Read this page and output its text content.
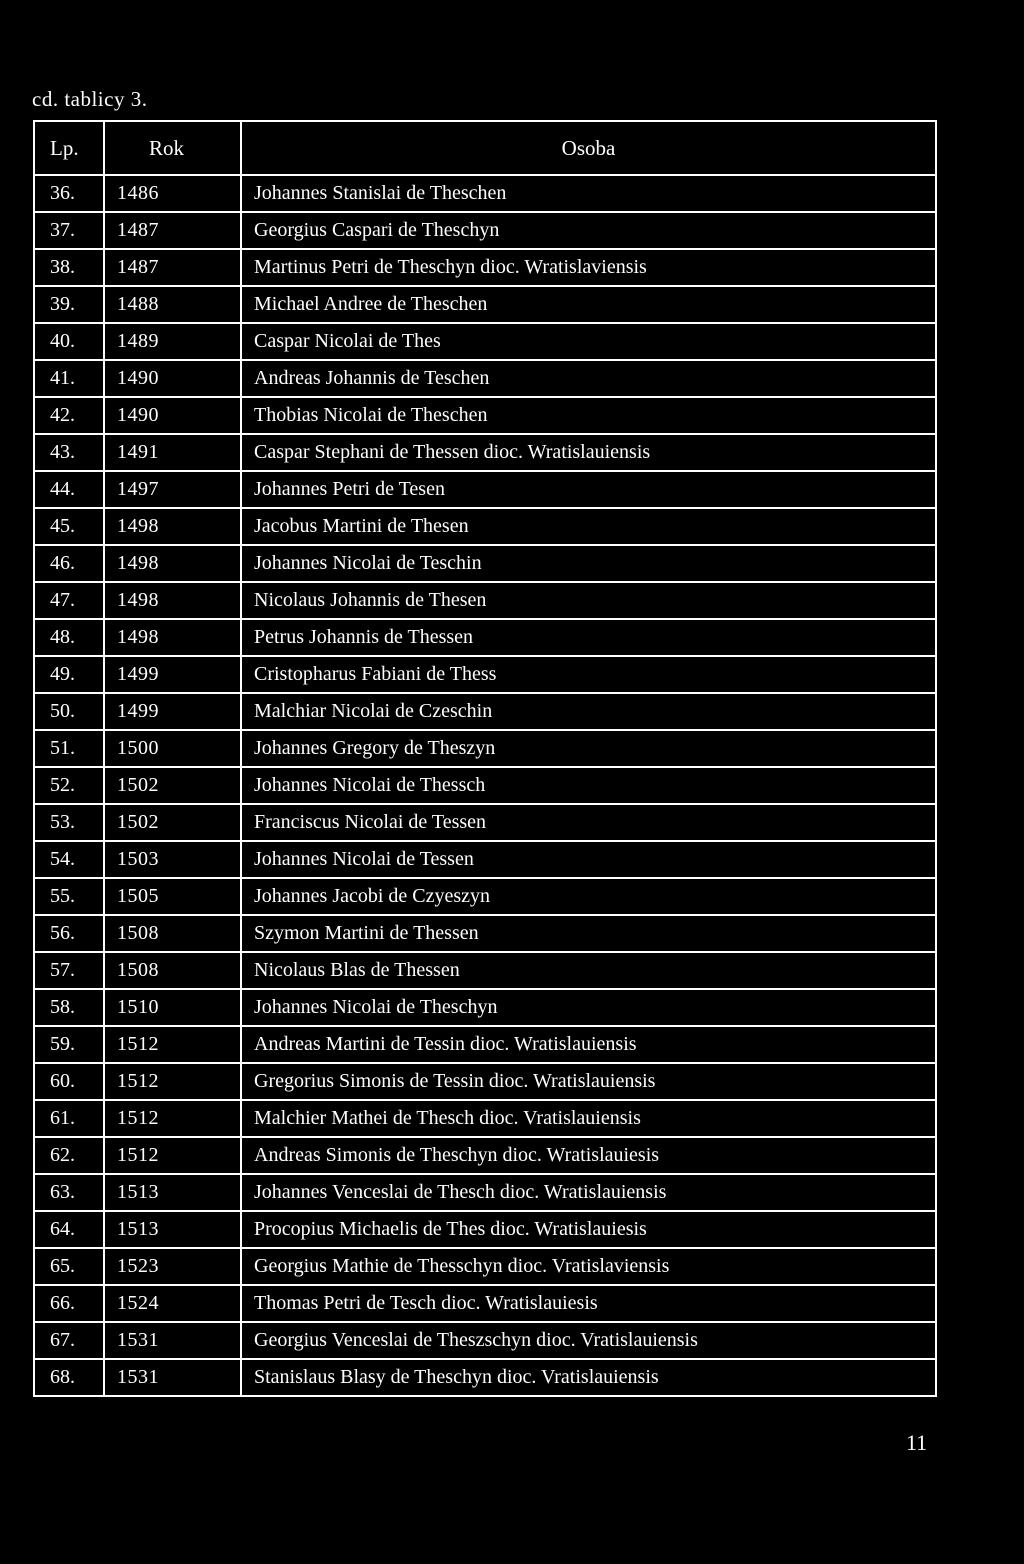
cd. tablicy 3.
Lp.	Rok	Osoba
36.	1486	Johannes Stanislai de Theschen
37.	1487	Georgius Caspari de Theschyn
38.	1487	Martinus Petri de Theschyn dioc. Wratislaviensis
39.	1488	Michael Andree de Theschen
40.	1489	Caspar Nicolai de Thes
41.	1490	Andreas Johannis de Teschen
42.	1490	Thobias Nicolai de Theschen
43.	1491	Caspar Stephani de Thessen dioc. Wratislauiensis
44.	1497	Johannes Petri de Tesen
45.	1498	Jacobus Martini de Thesen
46.	1498	Johannes Nicolai de Teschin
47.	1498	Nicolaus Johannis de Thesen
48.	1498	Petrus Johannis de Thessen
49.	1499	Cristopharus Fabiani de Thess
50.	1499	Malchiar Nicolai de Czeschin
51.	1500	Johannes Gregory de Theszyn
52.	1502	Johannes Nicolai de Thessch
53.	1502	Franciscus Nicolai de Tessen
54.	1503	Johannes Nicolai de Tessen
55.	1505	Johannes Jacobi de Czyeszyn
56.	1508	Szymon Martini de Thessen
57.	1508	Nicolaus Blas de Thessen
58.	1510	Johannes Nicolai de Theschyn
59.	1512	Andreas Martini de Tessin dioc. Wratislauiensis
60.	1512	Gregorius Simonis de Tessin dioc. Wratislauiensis
61.	1512	Malchier Mathei de Thesch dioc. Vratislauiensis
62.	1512	Andreas Simonis de Theschyn dioc. Wratislauiesis
63.	1513	Johannes Venceslai de Thesch dioc. Wratislauiensis
64.	1513	Procopius Michaelis de Thes dioc. Wratislauiesis
65.	1523	Georgius Mathie de Thesschyn dioc. Vratislaviensis
66.	1524	Thomas Petri de Tesch dioc. Wratislauiesis
67.	1531	Georgius Venceslai de Theszschyn dioc. Vratislauiensis
68.	1531	Stanislaus Blasy de Theschyn dioc. Vratislauiensis
11
